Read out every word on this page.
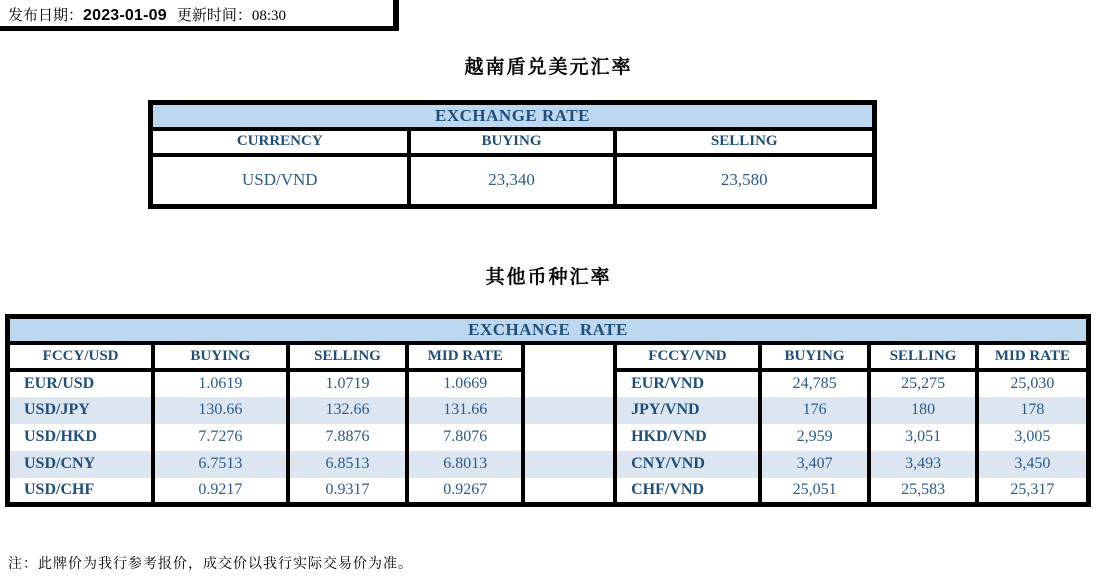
发布日期：2023-01-09 更新时间：08:30
越南盾兑美元汇率
EXCHANGE RATE		
CURRENCY	BUYING	SELLING
USD/VND	23,340	23,580
其他币种汇率
EXCHANGE  RATE								
FCCY/USD	BUYING	SELLING	MID RATE		FCCY/VND	BUYING	SELLING	MID RATE
EUR/USD	1.0619	1.0719	1.0669		EUR/VND	24,785	25,275	25,030
USD/JPY	130.66	132.66	131.66		JPY/VND	176	180	178
USD/HKD	7.7276	7.8876	7.8076		HKD/VND	2,959	3,051	3,005
USD/CNY	6.7513	6.8513	6.8013		CNY/VND	3,407	3,493	3,450
USD/CHF	0.9217	0.9317	0.9267		CHF/VND	25,051	25,583	25,317
注：此牌价为我行参考报价，成交价以我行实际交易价为准。
